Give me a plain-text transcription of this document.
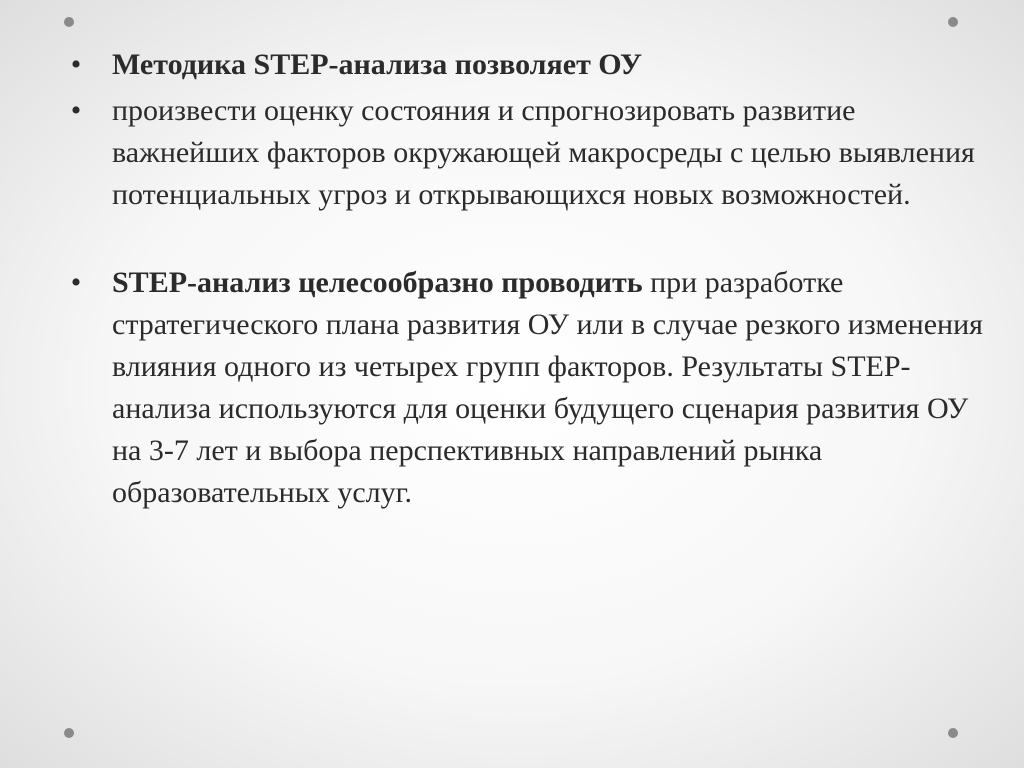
• Методика STEP-анализа позволяет ОУ
• произвести оценку состояния и спрогнозировать развитие важнейших факторов окружающей макросреды с целью выявления потенциальных угроз и открывающихся новых возможностей.
• STEP-анализ целесообразно проводить при разработке стратегического плана развития ОУ или в случае резкого изменения влияния одного из четырех групп факторов. Результаты STEP-анализа используются для оценки будущего сценария развития ОУ на 3-7 лет и выбора перспективных направлений рынка образовательных услуг.
